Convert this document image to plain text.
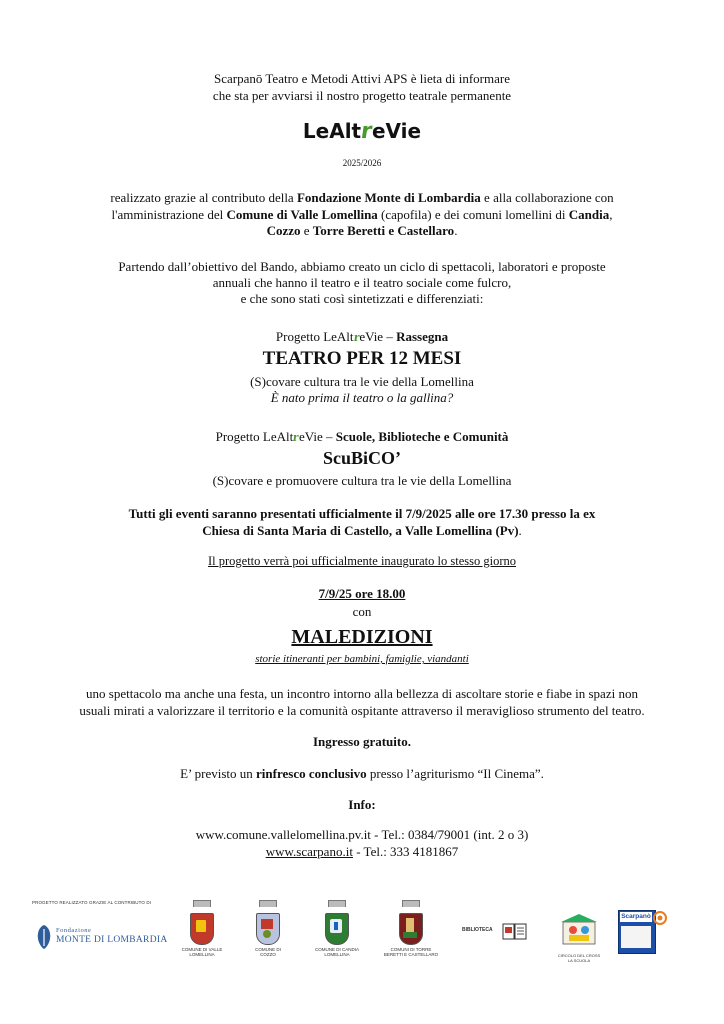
Scarpanō Teatro e Metodi Attivi APS è lieta di informare
che sta per avviarsi il nostro progetto teatrale permanente
LeAltreVie
2025/2026
realizzato grazie al contributo della Fondazione Monte di Lombardia e alla collaborazione con
l'amministrazione del Comune di Valle Lomellina (capofila) e dei comuni lomellini di Candia,
Cozzo e Torre Beretti e Castellaro.
Partendo dall’obiettivo del Bando, abbiamo creato un ciclo di spettacoli, laboratori e proposte
annuali che hanno il teatro e il teatro sociale come fulcro,
e che sono stati così sintetizzati e differenziati:
Progetto LeAltreVie – Rassegna
TEATRO PER 12 MESI
(S)covare cultura tra le vie della Lomellina
È nato prima il teatro o la gallina?
Progetto LeAltreVie – Scuole, Biblioteche e Comunità
ScuBiCO’
(S)covare e promuovere cultura tra le vie della Lomellina
Tutti gli eventi saranno presentati ufficialmente il 7/9/2025 alle ore 17.30 presso la ex
Chiesa di Santa Maria di Castello, a Valle Lomellina (Pv).
Il progetto verrà poi ufficialmente inaugurato lo stesso giorno
7/9/25 ore 18.00
con
MALEDIZIONI
storie itineranti per bambini, famiglie, viandanti
uno spettacolo ma anche una festa, un incontro intorno alla bellezza di ascoltare storie e fiabe in spazi non
usuali mirati a valorizzare il territorio e la comunità ospitante attraverso il meraviglioso strumento del teatro.
Ingresso gratuito.
E’ previsto un rinfresco conclusivo presso l’agriturismo “Il Cinema”.
Info:
www.comune.vallelomellina.pv.it - Tel.: 0384/79001 (int. 2 o 3)
www.scarpano.it - Tel.: 333 4181867
PROGETTO REALIZZATO GRAZIE AL CONTRIBUTO DI
Fondazione
MONTE DI LOMBARDIA
COMUNE DI VALLE LOMELLINA
COMUNE DI COZZO
COMUNE DI CANDIA LOMELLINA
COMUNI DI TORRE BERETTI E CASTELLARO
BIBLIOTECA
CIRCOLO DEL CROSS LA SCUOLA
Scarpanò
